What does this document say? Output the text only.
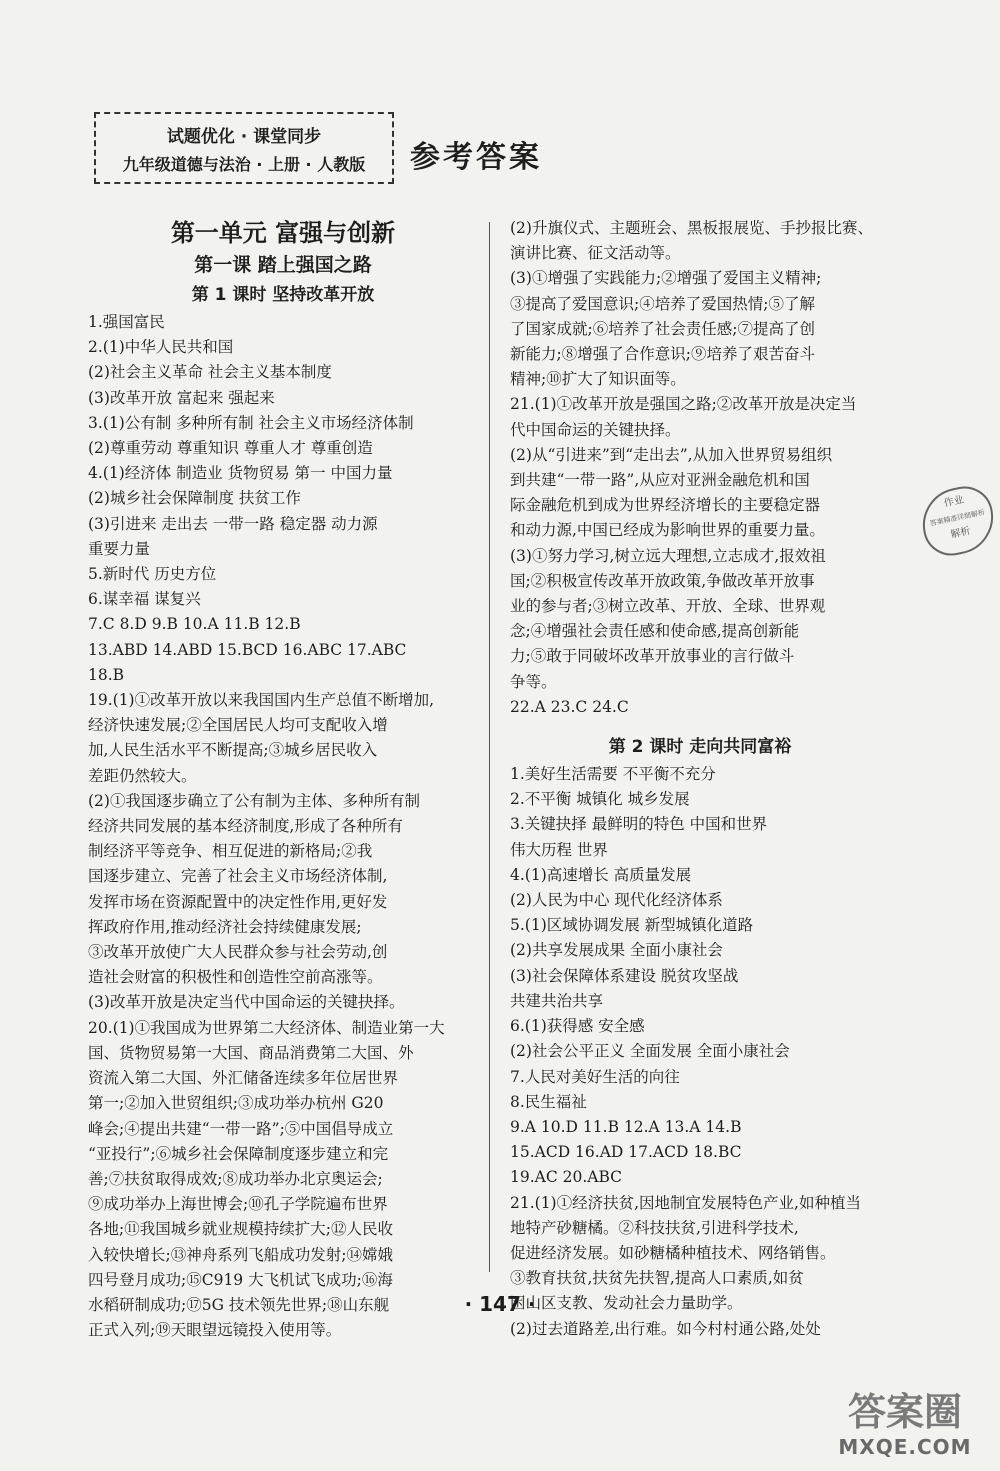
试题优化 · 课堂同步
九年级道德与法治 · 上册 · 人教版	参考答案
第一单元 富强与创新
第一课 踏上强国之路
第 1 课时 坚持改革开放
1.强国富民
2.(1)中华人民共和国
(2)社会主义革命 社会主义基本制度
(3)改革开放 富起来 强起来
3.(1)公有制 多种所有制 社会主义市场经济体制
(2)尊重劳动 尊重知识 尊重人才 尊重创造
4.(1)经济体 制造业 货物贸易 第一 中国力量
(2)城乡社会保障制度 扶贫工作
(3)引进来 走出去 一带一路 稳定器 动力源
重要力量
5.新时代 历史方位
6.谋幸福 谋复兴
7.C 8.D 9.B 10.A 11.B 12.B
13.ABD 14.ABD 15.BCD 16.ABC 17.ABC
18.B
19.(1)①改革开放以来我国国内生产总值不断增加,
经济快速发展;②全国居民人均可支配收入增
加,人民生活水平不断提高;③城乡居民收入
差距仍然较大。
(2)①我国逐步确立了公有制为主体、多种所有制
经济共同发展的基本经济制度,形成了各种所有
制经济平等竞争、相互促进的新格局;②我
国逐步建立、完善了社会主义市场经济体制,
发挥市场在资源配置中的决定性作用,更好发
挥政府作用,推动经济社会持续健康发展;
③改革开放使广大人民群众参与社会劳动,创
造社会财富的积极性和创造性空前高涨等。
(3)改革开放是决定当代中国命运的关键抉择。
20.(1)①我国成为世界第二大经济体、制造业第一大
国、货物贸易第一大国、商品消费第二大国、外
资流入第二大国、外汇储备连续多年位居世界
第一;②加入世贸组织;③成功举办杭州 G20
峰会;④提出共建“一带一路”;⑤中国倡导成立
“亚投行”;⑥城乡社会保障制度逐步建立和完
善;⑦扶贫取得成效;⑧成功举办北京奥运会;
⑨成功举办上海世博会;⑩孔子学院遍布世界
各地;⑪我国城乡就业规模持续扩大;⑫人民收
入较快增长;⑬神舟系列飞船成功发射;⑭嫦娥
四号登月成功;⑮C919 大飞机试飞成功;⑯海
水稻研制成功;⑰5G 技术领先世界;⑱山东舰
正式入列;⑲天眼望远镜投入使用等。
(2)升旗仪式、主题班会、黑板报展览、手抄报比赛、
演讲比赛、征文活动等。
(3)①增强了实践能力;②增强了爱国主义精神;
③提高了爱国意识;④培养了爱国热情;⑤了解
了国家成就;⑥培养了社会责任感;⑦提高了创
新能力;⑧增强了合作意识;⑨培养了艰苦奋斗
精神;⑩扩大了知识面等。
21.(1)①改革开放是强国之路;②改革开放是决定当
代中国命运的关键抉择。
(2)从“引进来”到“走出去”,从加入世界贸易组织
到共建“一带一路”,从应对亚洲金融危机和国
际金融危机到成为世界经济增长的主要稳定器
和动力源,中国已经成为影响世界的重要力量。
(3)①努力学习,树立远大理想,立志成才,报效祖
国;②积极宣传改革开放政策,争做改革开放事
业的参与者;③树立改革、开放、全球、世界观
念;④增强社会责任感和使命感,提高创新能
力;⑤敢于同破坏改革开放事业的言行做斗
争等。
22.A 23.C 24.C
第 2 课时 走向共同富裕
1.美好生活需要 不平衡不充分
2.不平衡 城镇化 城乡发展
3.关键抉择 最鲜明的特色 中国和世界
伟大历程 世界
4.(1)高速增长 高质量发展
(2)人民为中心 现代化经济体系
5.(1)区域协调发展 新型城镇化道路
(2)共享发展成果 全面小康社会
(3)社会保障体系建设 脱贫攻坚战
共建共治共享
6.(1)获得感 安全感
(2)社会公平正义 全面发展 全面小康社会
7.人民对美好生活的向往
8.民生福祉
9.A 10.D 11.B 12.A 13.A 14.B
15.ACD 16.AD 17.ACD 18.BC
19.AC 20.ABC
21.(1)①经济扶贫,因地制宜发展特色产业,如种植当
地特产砂糖橘。②科技扶贫,引进科学技术,
促进经济发展。如砂糖橘种植技术、网络销售。
③教育扶贫,扶贫先扶智,提高人口素质,如贫
困山区支教、发动社会力量助学。
(2)过去道路差,出行难。如今村村通公路,处处
作业
答案精准详细解析
解析
· 147 ·
答案圈
MXQE.COM
